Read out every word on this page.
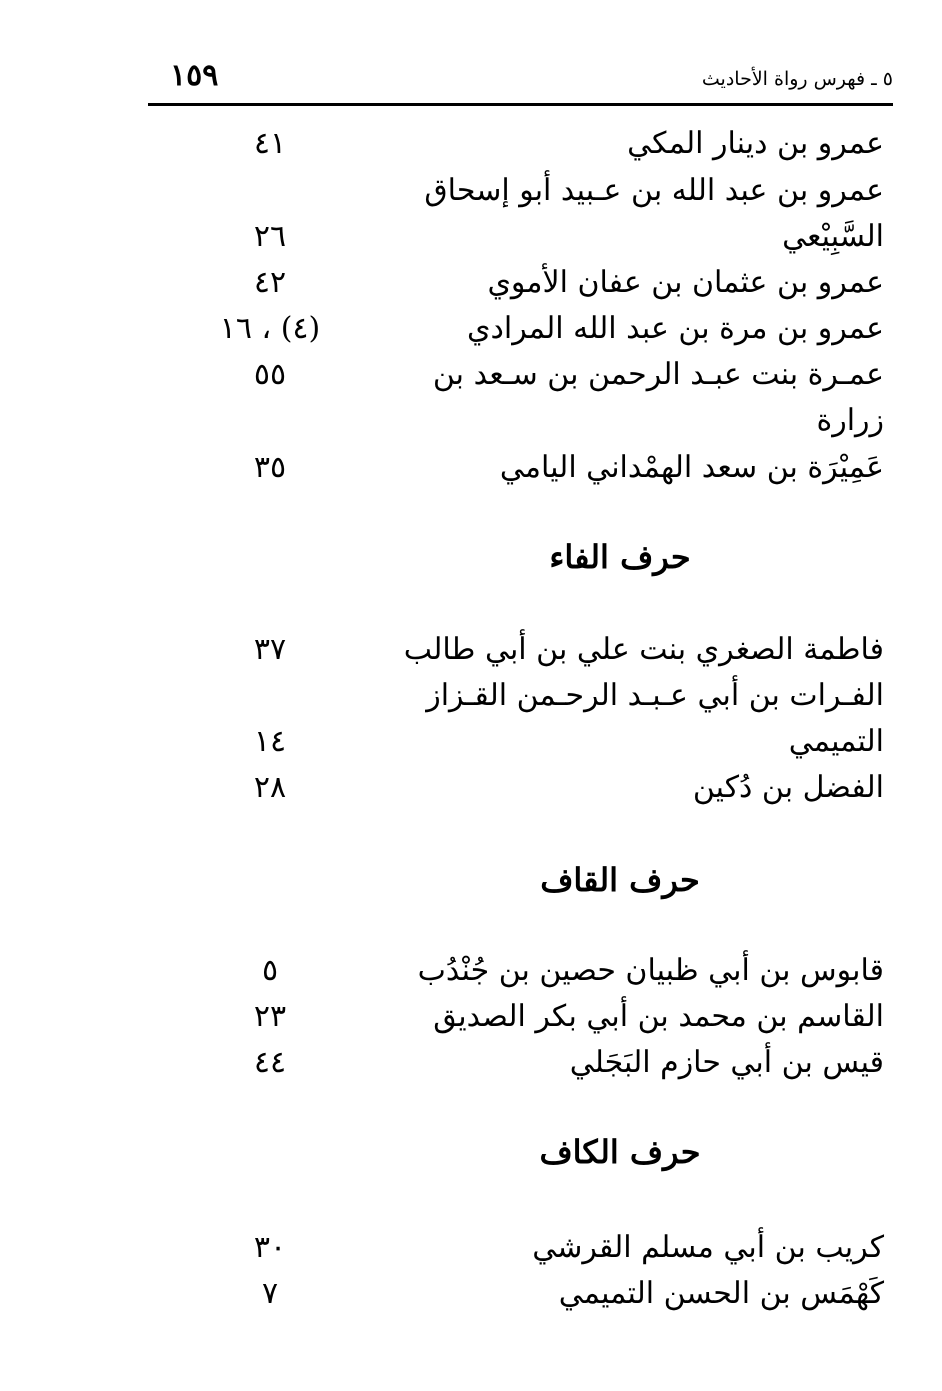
٥ ـ فهرس رواة الأحاديث
١٥٩
عمرو بن دينار المكي
٤١
عمرو بن عبد الله بن عـبيد أبو إسحاق
السَّبِيْعي
٢٦
عمرو بن عثمان بن عفان الأموي
٤٢
عمرو بن مرة بن عبد الله المرادي
(٤) ، ١٦
عمـرة بنت عبـد الرحمن بن سـعد بن
٥٥
زرارة
عَمِيْرَة بن سعد الهمْداني اليامي
٣٥
حرف الفاء
فاطمة الصغري بنت علي بن أبي طالب
٣٧
الفـرات بن أبي عـبـد الرحـمن القـزاز
التميمي
١٤
الفضل بن دُكين
٢٨
حرف القاف
قابوس بن أبي ظبيان حصين بن جُنْدُب
٥
القاسم بن محمد بن أبي بكر الصديق
٢٣
قيس بن أبي حازم البَجَلي
٤٤
حرف الكاف
كريب بن أبي مسلم القرشي
٣٠
كَهْمَس بن الحسن التميمي
٧
